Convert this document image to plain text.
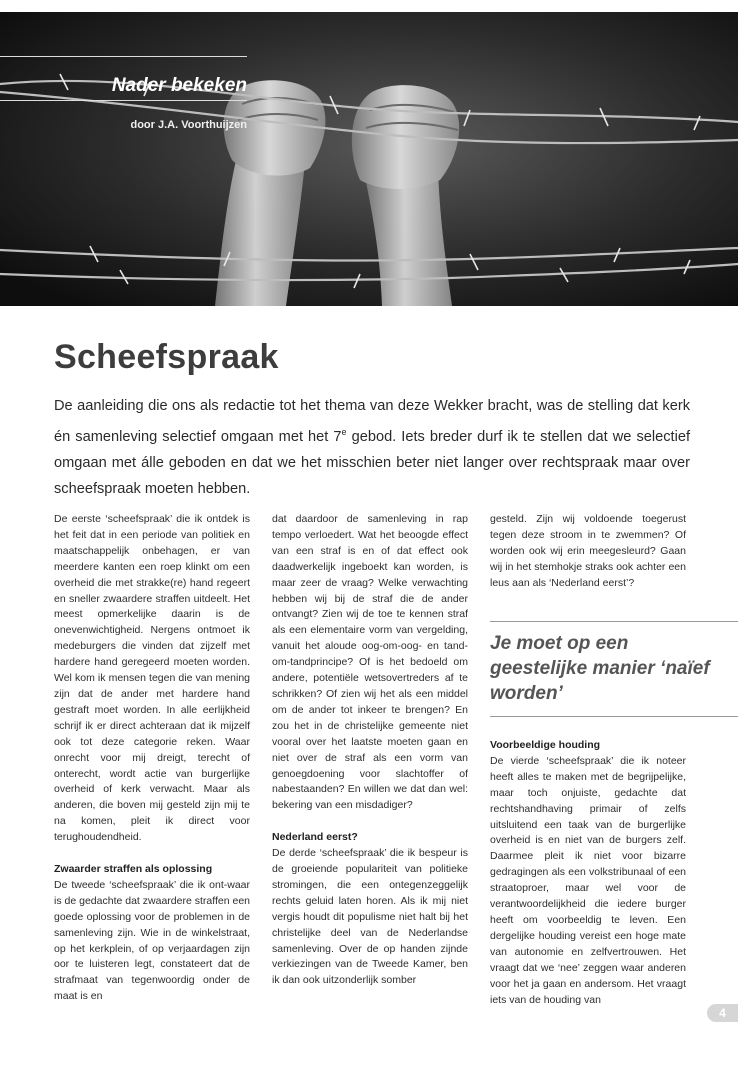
Nader bekeken
door J.A. Voorthuijzen
Scheefspraak

De aanleiding die ons als redactie tot het thema van deze Wekker bracht, was de stelling dat kerk én samenleving selectief omgaan met het 7e gebod. Iets breder durf ik te stellen dat we selectief omgaan met álle geboden en dat we het misschien beter niet langer over rechtspraak maar over scheefspraak moeten hebben.

De eerste ‘scheefspraak’ die ik ontdek is het feit dat in een periode van politiek en maatschappelijk onbehagen, er van meerdere kanten een roep klinkt om een overheid die met strakke(re) hand regeert en sneller zwaardere straffen uitdeelt. Het meest opmerkelijke daarin is de onevenwichtigheid. Nergens ontmoet ik medeburgers die vinden dat zijzelf met hardere hand geregeerd moeten worden. Wel kom ik mensen tegen die van mening zijn dat de ander met hardere hand gestraft moet worden. In alle eerlijkheid schrijf ik er direct achteraan dat ik mijzelf ook tot deze categorie reken. Waar onrecht voor mij dreigt, terecht of onterecht, wordt actie van burgerlijke overheid of kerk verwacht. Maar als anderen, die boven mij gesteld zijn mij te na komen, pleit ik direct voor terughoudendheid.

Zwaarder straffen als oplossing

De tweede ‘scheefspraak’ die ik ont-waar is de gedachte dat zwaardere straffen een goede oplossing voor de problemen in de samenleving zijn. Wie in de winkelstraat, op het kerkplein, of op verjaardagen zijn oor te luisteren legt, constateert dat de strafmaat van tegenwoordig onder de maat is en

dat daardoor de samenleving in rap tempo verloedert. Wat het beoogde effect van een straf is en of dat effect ook daadwerkelijk ingeboekt kan worden, is maar zeer de vraag? Welke verwachting hebben wij bij de straf die de ander ontvangt? Zien wij de toe te kennen straf als een elementaire vorm van vergelding, vanuit het aloude oog-om-oog- en tand-om-tandprincipe? Of is het bedoeld om andere, potentiële wetsovertreders af te schrikken? Of zien wij het als een middel om de ander tot inkeer te brengen? En zou het in de christelijke gemeente niet vooral over het laatste moeten gaan en niet over de straf als een vorm van genoegdoening voor slachtoffer of nabestaanden? En willen we dat dan wel: bekering van een misdadiger?

Nederland eerst?

De derde ‘scheefspraak’ die ik bespeur is de groeiende populariteit van politieke stromingen, die een ontegenzeggelijk rechts geluid laten horen. Als ik mij niet vergis houdt dit populisme niet halt bij het christelijke deel van de Nederlandse samenleving. Over de op handen zijnde verkiezingen van de Tweede Kamer, ben ik dan ook uitzonderlijk somber

gesteld. Zijn wij voldoende toegerust tegen deze stroom in te zwemmen? Of worden ook wij erin meegesleurd? Gaan wij in het stemhokje straks ook achter een leus aan als ‘Nederland eerst’?

Je moet op een geestelijke manier ‘naïef worden’

Voorbeeldige houding

De vierde ‘scheefspraak’ die ik noteer heeft alles te maken met de begrijpelijke, maar toch onjuiste, gedachte dat rechtshandhaving primair of zelfs uitsluitend een taak van de burgerlijke overheid is en niet van de burgers zelf. Daarmee pleit ik niet voor bizarre gedragingen als een volkstribunaal of een straatoproer, maar wel voor de verantwoordelijkheid die iedere burger heeft om voorbeeldig te leven. Een dergelijke houding vereist een hoge mate van autonomie en zelfvertrouwen. Het vraagt dat we ‘nee’ zeggen waar anderen voor het ja gaan en andersom. Het vraagt iets van de houding van

4
